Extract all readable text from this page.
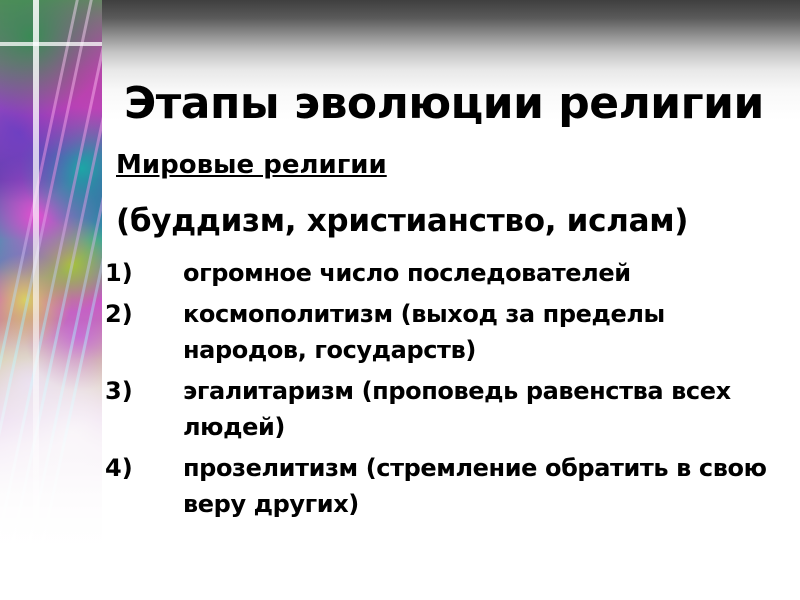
Этапы эволюции религии
Мировые религии
(буддизм, христианство, ислам)
1)	огромное число последователей
2)	космополитизм (выход за пределы народов, государств)
3)	эгалитаризм (проповедь равенства всех людей)
4)	прозелитизм (стремление обратить в свою веру других)
